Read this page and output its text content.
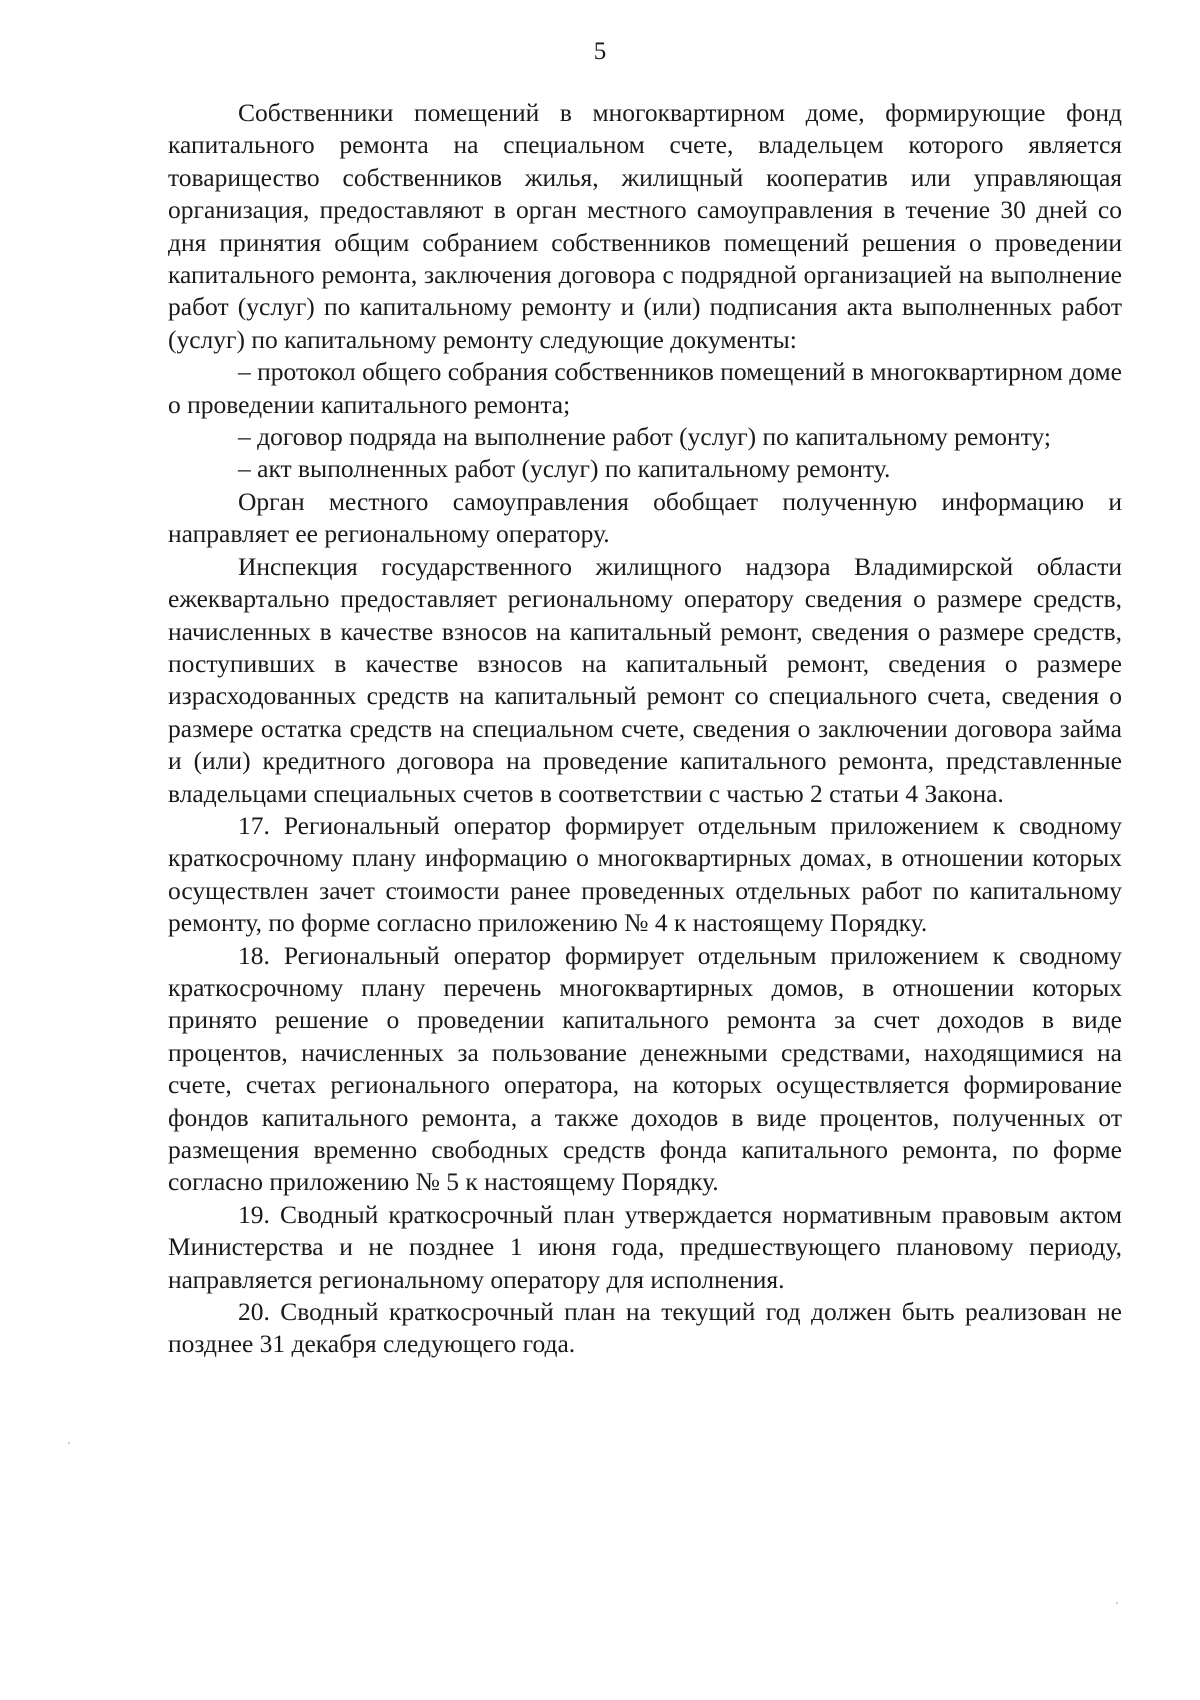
5

Собственники помещений в многоквартирном доме, формирующие фонд капитального ремонта на специальном счете, владельцем которого является товарищество собственников жилья, жилищный кооператив или управляющая организация, предоставляют в орган местного самоуправления в течение 30 дней со дня принятия общим собранием собственников помещений решения о проведении капитального ремонта, заключения договора с подрядной организацией на выполнение работ (услуг) по капитальному ремонту и (или) подписания акта выполненных работ (услуг) по капитальному ремонту следующие документы:

– протокол общего собрания собственников помещений в многоквартирном доме о проведении капитального ремонта;

– договор подряда на выполнение работ (услуг) по капитальному ремонту;

– акт выполненных работ (услуг) по капитальному ремонту.

Орган местного самоуправления обобщает полученную информацию и направляет ее региональному оператору.

Инспекция государственного жилищного надзора Владимирской области ежеквартально предоставляет региональному оператору сведения о размере средств, начисленных в качестве взносов на капитальный ремонт, сведения о размере средств, поступивших в качестве взносов на капитальный ремонт, сведения о размере израсходованных средств на капитальный ремонт со специального счета, сведения о размере остатка средств на специальном счете, сведения о заключении договора займа и (или) кредитного договора на проведение капитального ремонта, представленные владельцами специальных счетов в соответствии с частью 2 статьи 4 Закона.

17. Региональный оператор формирует отдельным приложением к сводному краткосрочному плану информацию о многоквартирных домах, в отношении которых осуществлен зачет стоимости ранее проведенных отдельных работ по капитальному ремонту, по форме согласно приложению № 4 к настоящему Порядку.

18. Региональный оператор формирует отдельным приложением к сводному краткосрочному плану перечень многоквартирных домов, в отношении которых принято решение о проведении капитального ремонта за счет доходов в виде процентов, начисленных за пользование денежными средствами, находящимися на счете, счетах регионального оператора, на которых осуществляется формирование фондов капитального ремонта, а также доходов в виде процентов, полученных от размещения временно свободных средств фонда капитального ремонта, по форме согласно приложению № 5 к настоящему Порядку.

19. Сводный краткосрочный план утверждается нормативным правовым актом Министерства и не позднее 1 июня года, предшествующего плановому периоду, направляется региональному оператору для исполнения.

20. Сводный краткосрочный план на текущий год должен быть реализован не позднее 31 декабря следующего года.
